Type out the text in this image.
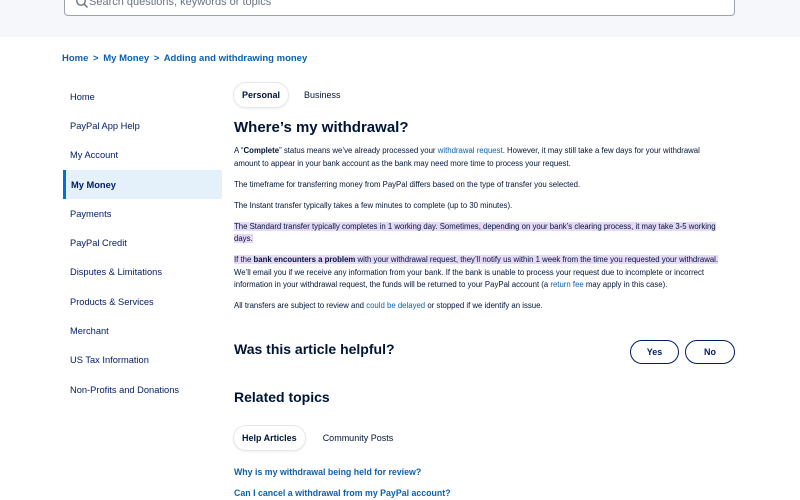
Search questions, keywords or topics
Home > My Money > Adding and withdrawing money
Home
PayPal App Help
My Account
My Money
Payments
PayPal Credit
Disputes & Limitations
Products & Services
Merchant
US Tax Information
Non-Profits and Donations
Personal	Business
Where’s my withdrawal?

A “Complete” status means we’ve already processed your withdrawal request. However, it may still take a few days for your withdrawal amount to appear in your bank account as the bank may need more time to process your request.

The timeframe for transferring money from PayPal differs based on the type of transfer you selected.

The Instant transfer typically takes a few minutes to complete (up to 30 minutes).

The Standard transfer typically completes in 1 working day. Sometimes, depending on your bank’s clearing process, it may take 3-5 working days.

If the bank encounters a problem with your withdrawal request, they’ll notify us within 1 week from the time you requested your withdrawal. We’ll email you if we receive any information from your bank. If the bank is unable to process your request due to incomplete or incorrect information in your withdrawal request, the funds will be returned to your PayPal account (a return fee may apply in this case).

All transfers are subject to review and could be delayed or stopped if we identify an issue.

Was this article helpful?	Yes	No
Related topics
Help Articles	Community Posts
Why is my withdrawal being held for review?
Can I cancel a withdrawal from my PayPal account?
